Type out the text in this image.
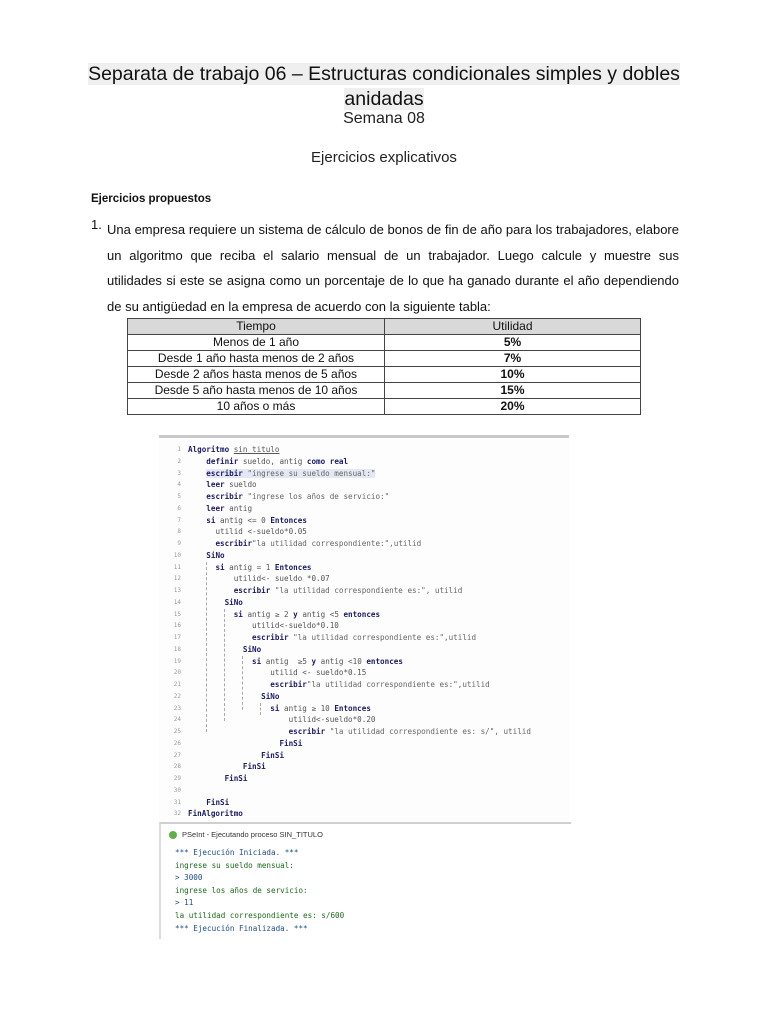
Separata de trabajo 06 – Estructuras condicionales simples y dobles
anidadas
Semana 08
Ejercicios explicativos
Ejercicios propuestos
1. Una empresa requiere un sistema de cálculo de bonos de fin de año para los trabajadores, elabore un algoritmo que reciba el salario mensual de un trabajador. Luego calcule y muestre sus utilidades si este se asigna como un porcentaje de lo que ha ganado durante el año dependiendo de su antigüedad en la empresa de acuerdo con la siguiente tabla:
Tiempo	Utilidad
Menos de 1 año	5%
Desde 1 año hasta menos de 2 años	7%
Desde 2 años hasta menos de 5 años	10%
Desde 5 año hasta menos de 10 años	15%
10 años o más	20%
1
2
3
4
5
6
7
8
9
10
11
12
13
14
15
16
17
18
19
20
21
22
23
24
25
26
27
28
29
30
31
32
Algoritmo sin_titulo
definir sueldo, antig como real
escribir "ingrese su sueldo mensual:"
leer sueldo
escribir "ingrese los años de servicio:"
leer antig
si antig <= 0 Entonces
utilid <-sueldo*0.05
escribir"la utilidad correspondiente:",utilid
SiNo
si antig = 1 Entonces
utilid<- sueldo *0.07
escribir "la utilidad correspondiente es:", utilid
SiNo
si antig ≥ 2 y antig <5 entonces
utilid<-sueldo*0.10
escribir "la utilidad correspondiente es:",utilid
SiNo
si antig  ≥5 y antig <10 entonces
utilid <- sueldo*0.15
escribir"la utilidad correspondiente es:",utilid
SiNo
si antig ≥ 10 Entonces
utilid<-sueldo*0.20
escribir "la utilidad correspondiente es: s/", utilid
FinSi
FinSi
FinSi
FinSi

FinSi
FinAlgoritmo
PSeInt - Ejecutando proceso SIN_TITULO
*** Ejecución Iniciada. ***
ingrese su sueldo mensual:
> 3000
ingrese los años de servicio:
> 11
la utilidad correspondiente es: s/600
*** Ejecución Finalizada. ***
